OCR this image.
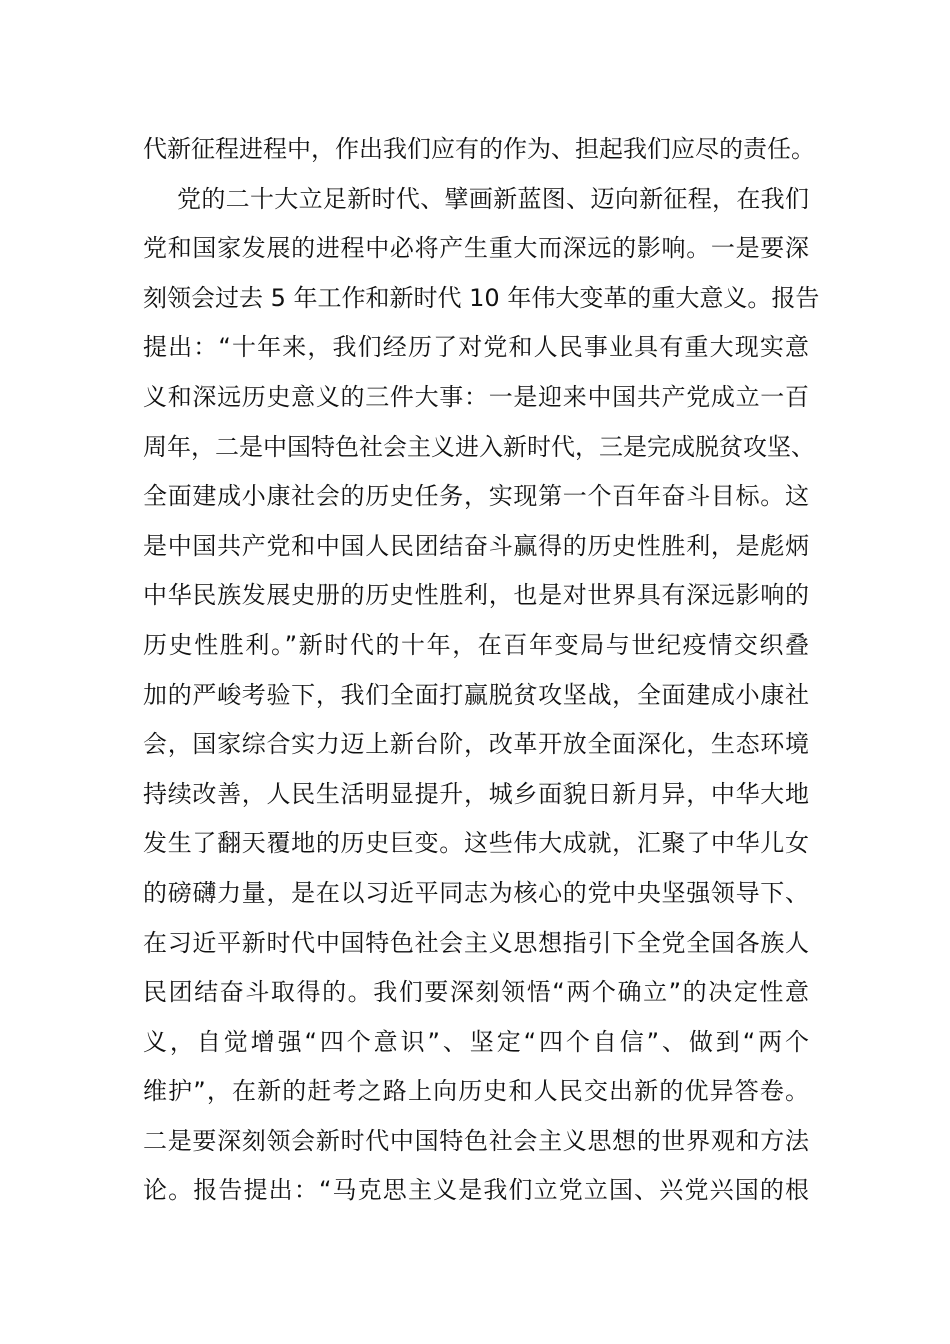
代新征程进程中，作出我们应有的作为、担起我们应尽的责任。
党的二十大立足新时代、擘画新蓝图、迈向新征程，在我们
党和国家发展的进程中必将产生重大而深远的影响。一是要深
刻领会过去 5 年工作和新时代 10 年伟大变革的重大意义。报告
提出：“十年来，我们经历了对党和人民事业具有重大现实意
义和深远历史意义的三件大事：一是迎来中国共产党成立一百
周年，二是中国特色社会主义进入新时代，三是完成脱贫攻坚、
全面建成小康社会的历史任务，实现第一个百年奋斗目标。这
是中国共产党和中国人民团结奋斗赢得的历史性胜利，是彪炳
中华民族发展史册的历史性胜利，也是对世界具有深远影响的
历史性胜利。”新时代的十年，在百年变局与世纪疫情交织叠
加的严峻考验下，我们全面打赢脱贫攻坚战，全面建成小康社
会，国家综合实力迈上新台阶，改革开放全面深化，生态环境
持续改善，人民生活明显提升，城乡面貌日新月异，中华大地
发生了翻天覆地的历史巨变。这些伟大成就，汇聚了中华儿女
的磅礴力量，是在以习近平同志为核心的党中央坚强领导下、
在习近平新时代中国特色社会主义思想指引下全党全国各族人
民团结奋斗取得的。我们要深刻领悟“两个确立”的决定性意
义，自觉增强“四个意识”、坚定“四个自信”、做到“两个
维护”，在新的赶考之路上向历史和人民交出新的优异答卷。
二是要深刻领会新时代中国特色社会主义思想的世界观和方法
论。报告提出：“马克思主义是我们立党立国、兴党兴国的根
